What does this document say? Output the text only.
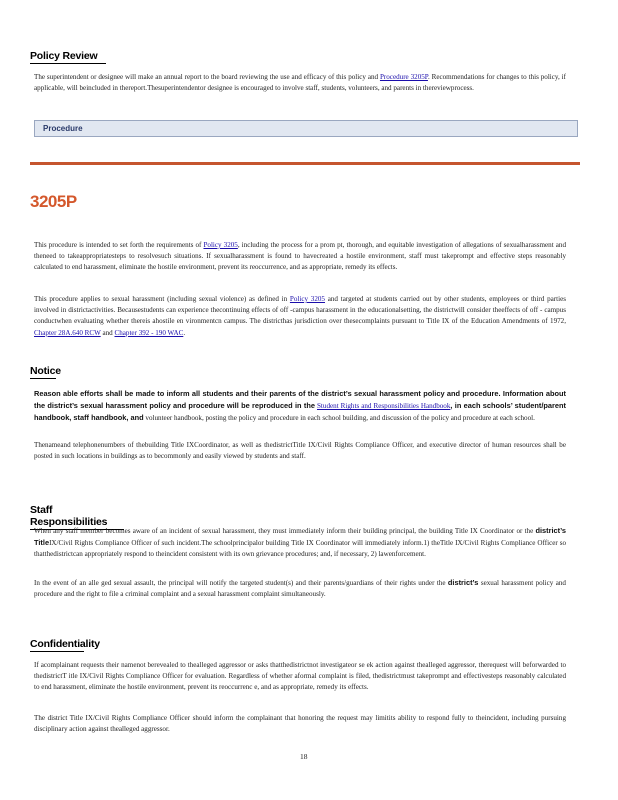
Policy Review
The superintendent or designee will make an annual report to the board reviewing the use and efficacy of this policy and Procedure 3205P. Recommendations for changes to this policy, if applicable, will beincluded in thereport.Thesuperintendentor designee is encouraged to involve staff, students, volunteers, and parents in thereviewprocess.
Procedure
3205P
This procedure is intended to set forth the requirements of Policy 3205, including the process for a prom pt, thorough, and equitable investigation of allegations of sexualharassment and theneed to takeappropriatesteps to resolvesuch situations. If sexualharassment is found to havecreated a hostile environment, staff must takeprompt and effective steps reasonably calculated to end harassment, eliminate the hostile environment, prevent its reoccurrence, and as appropriate, remedy its effects.
This procedure applies to sexual harassment (including sexual violence) as defined in Policy 3205 and targeted at students carried out by other students, employees or third parties involved in districtactivities. Becausestudents can experience thecontinuing effects of off -campus harassment in the educationalsetting, the districtwill consider theeffects of off - campus conductwhen evaluating whether thereis ahostile en vironmentcn campus. The districthas jurisdiction over thesecomplaints pursuant to Title IX of the Education Amendments of 1972, Chapter 28A.640 RCW and Chapter 392 - 190 WAC.
Notice
Reason able efforts shall be made to inform all students and their parents of the district’s sexual harassment policy and procedure. Information about the district’s sexual harassment policy and procedure will be reproduced in the Student Rights and Responsibilities Handbook, in each schools’ student/parent handbook, staff handbook, and volunteer handbook, posting the policy and procedure in each school building, and discussion of the policy and procedure at each school.
Thenameand telephonenumbers of thebuilding Title IXCoordinator, as well as thedistrictTitle IX/Civil Rights Compliance Officer, and executive director of human resources shall be posted in such locations in buildings as to becommonly and easily viewed by students and staff.
Staff Responsibilities
When any staff member becomes aware of an incident of sexual harassment, they must immediately inform their building principal, the building Title IX Coordinator or the district’s TitleIX/Civil Rights Compliance Officer of such incident.The schoolprincipalor building Title IX Coordinator will immediately inform.1) theTitle IX/Civil Rights Compliance Officer so thatthedistrictcan appropriately respond to theincident consistent with its own grievance procedures; and, if necessary, 2) lawenforcement.
In the event of an alle ged sexual assault, the principal will notify the targeted student(s) and their parents/guardians of their rights under the district’s sexual harassment policy and procedure and the right to file a criminal complaint and a sexual harassment complaint simultaneously.
Confidentiality
If acomplainant requests their namenot berevealed to thealleged aggressor or asks thatthedistrictnot investigateor se ek action against thealleged aggressor, therequest will beforwarded to thedistrictT itle IX/Civil Rights Compliance Officer for evaluation. Regardless of whether aformal complaint is filed, thedistrictmust takeprompt and effectivesteps reasonably calculated to end harassment, eliminate the hostile environment, prevent its reoccurrenc e, and as appropriate, remedy its effects.
The district Title IX/Civil Rights Compliance Officer should inform the complainant that honoring the request may limitits ability to respond fully to theincident, including pursuing disciplinary action against thealleged aggressor.
18
